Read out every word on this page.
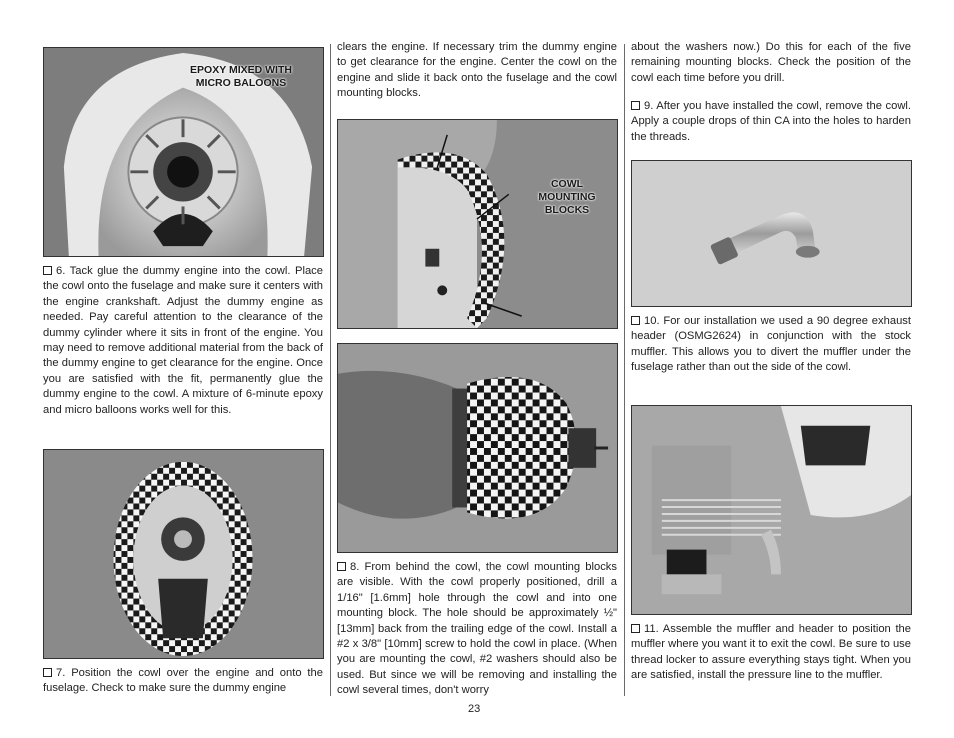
EPOXY MIXED WITH MICRO BALOONS

6. Tack glue the dummy engine into the cowl. Place the cowl onto the fuselage and make sure it centers with the engine crankshaft. Adjust the dummy engine as needed. Pay careful attention to the clearance of the dummy cylinder where it sits in front of the engine. You may need to remove additional material from the back of the dummy engine to get clearance for the engine. Once you are satisfied with the fit, permanently glue the dummy engine to the cowl. A mixture of 6-minute epoxy and micro balloons works well for this.

7. Position the cowl over the engine and onto the fuselage. Check to make sure the dummy engine

clears the engine. If necessary trim the dummy engine to get clearance for the engine. Center the cowl on the engine and slide it back onto the fuselage and the cowl mounting blocks.

COWL MOUNTING BLOCKS

8. From behind the cowl, the cowl mounting blocks are visible. With the cowl properly positioned, drill a 1/16" [1.6mm] hole through the cowl and into one mounting block. The hole should be approximately ½" [13mm] back from the trailing edge of the cowl. Install a #2 x 3/8" [10mm] screw to hold the cowl in place. (When you are mounting the cowl, #2 washers should also be used. But since we will be removing and installing the cowl several times, don't worry

about the washers now.) Do this for each of the five remaining mounting blocks. Check the position of the cowl each time before you drill.

9. After you have installed the cowl, remove the cowl. Apply a couple drops of thin CA into the holes to harden the threads.

10. For our installation we used a 90 degree exhaust header (OSMG2624) in conjunction with the stock muffler. This allows you to divert the muffler under the fuselage rather than out the side of the cowl.

11. Assemble the muffler and header to position the muffler where you want it to exit the cowl. Be sure to use thread locker to assure everything stays tight. When you are satisfied, install the pressure line to the muffler.

23
